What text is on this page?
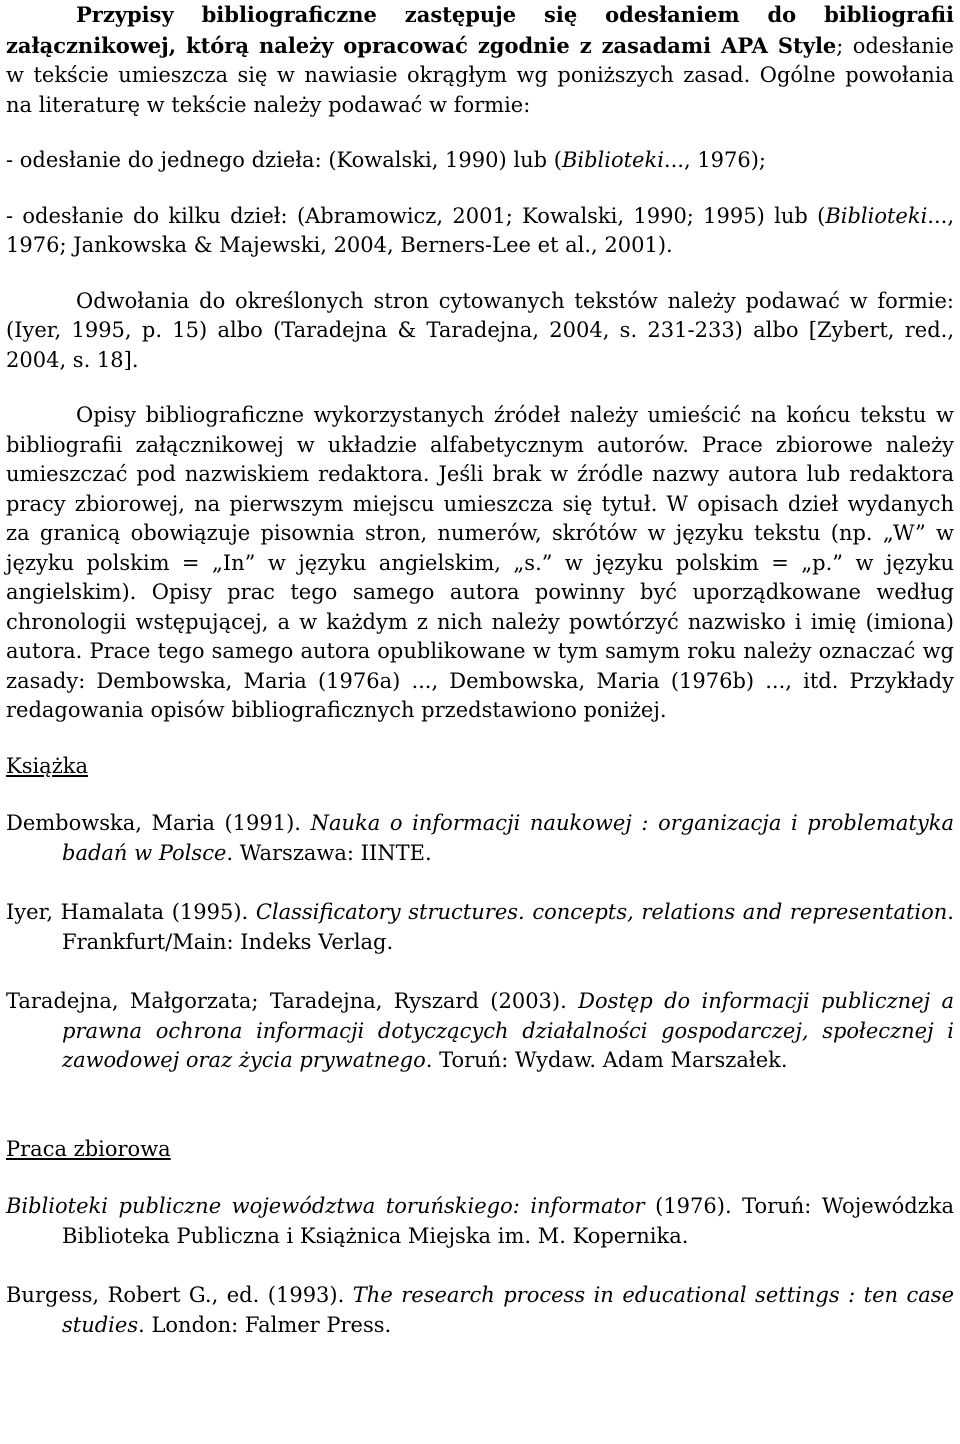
Przypisy bibliograficzne zastępuje się odesłaniem do bibliografii załącznikowej, którą należy opracować zgodnie z zasadami APA Style; odesłanie w tekście umieszcza się w nawiasie okrągłym wg poniższych zasad. Ogólne powołania na literaturę w tekście należy podawać w formie:

- odesłanie do jednego dzieła: (Kowalski, 1990) lub (Biblioteki..., 1976);

- odesłanie do kilku dzieł: (Abramowicz, 2001; Kowalski, 1990; 1995) lub (Biblioteki..., 1976; Jankowska & Majewski, 2004, Berners-Lee et al., 2001).

Odwołania do określonych stron cytowanych tekstów należy podawać w formie: (Iyer, 1995, p. 15) albo (Taradejna & Taradejna, 2004, s. 231-233) albo [Zybert, red., 2004, s. 18].

Opisy bibliograficzne wykorzystanych źródeł należy umieścić na końcu tekstu w bibliografii załącznikowej w układzie alfabetycznym autorów. Prace zbiorowe należy umieszczać pod nazwiskiem redaktora. Jeśli brak w źródle nazwy autora lub redaktora pracy zbiorowej, na pierwszym miejscu umieszcza się tytuł. W opisach dzieł wydanych za granicą obowiązuje pisownia stron, numerów, skrótów w języku tekstu (np. „W” w języku polskim = „In” w języku angielskim, „s.” w języku polskim = „p.” w języku angielskim). Opisy prac tego samego autora powinny być uporządkowane według chronologii wstępującej, a w każdym z nich należy powtórzyć nazwisko i imię (imiona) autora. Prace tego samego autora opublikowane w tym samym roku należy oznaczać wg zasady: Dembowska, Maria (1976a) ..., Dembowska, Maria (1976b) ..., itd. Przykłady redagowania opisów bibliograficznych przedstawiono poniżej.

Książka

Dembowska, Maria (1991). Nauka o informacji naukowej : organizacja i problematyka badań w Polsce. Warszawa: IINTE.

Iyer, Hamalata (1995). Classificatory structures. concepts, relations and representation. Frankfurt/Main: Indeks Verlag.

Taradejna, Małgorzata; Taradejna, Ryszard (2003). Dostęp do informacji publicznej a prawna ochrona informacji dotyczących działalności gospodarczej, społecznej i zawodowej oraz życia prywatnego. Toruń: Wydaw. Adam Marszałek.

Praca zbiorowa

Biblioteki publiczne województwa toruńskiego: informator (1976). Toruń: Wojewódzka Biblioteka Publiczna i Książnica Miejska im. M. Kopernika.

Burgess, Robert G., ed. (1993). The research process in educational settings : ten case studies. London: Falmer Press.
